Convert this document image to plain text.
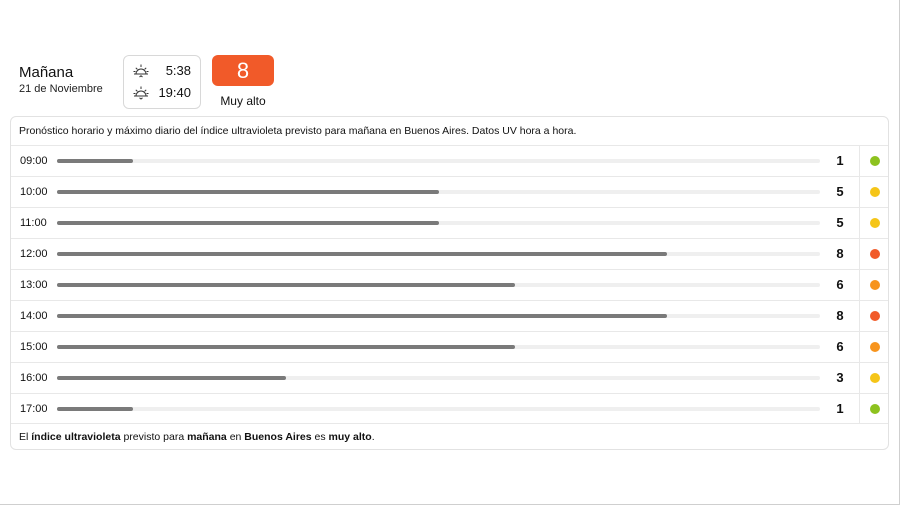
Mañana
21 de Noviembre
5:38
19:40
8
Muy alto
Pronóstico horario y máximo diario del índice ultravioleta previsto para mañana en Buenos Aires. Datos UV hora a hora.
09:00	1
10:00	5
11:00	5
12:00	8
13:00	6
14:00	8
15:00	6
16:00	3
17:00	1
El índice ultravioleta previsto para mañana en Buenos Aires es muy alto.
